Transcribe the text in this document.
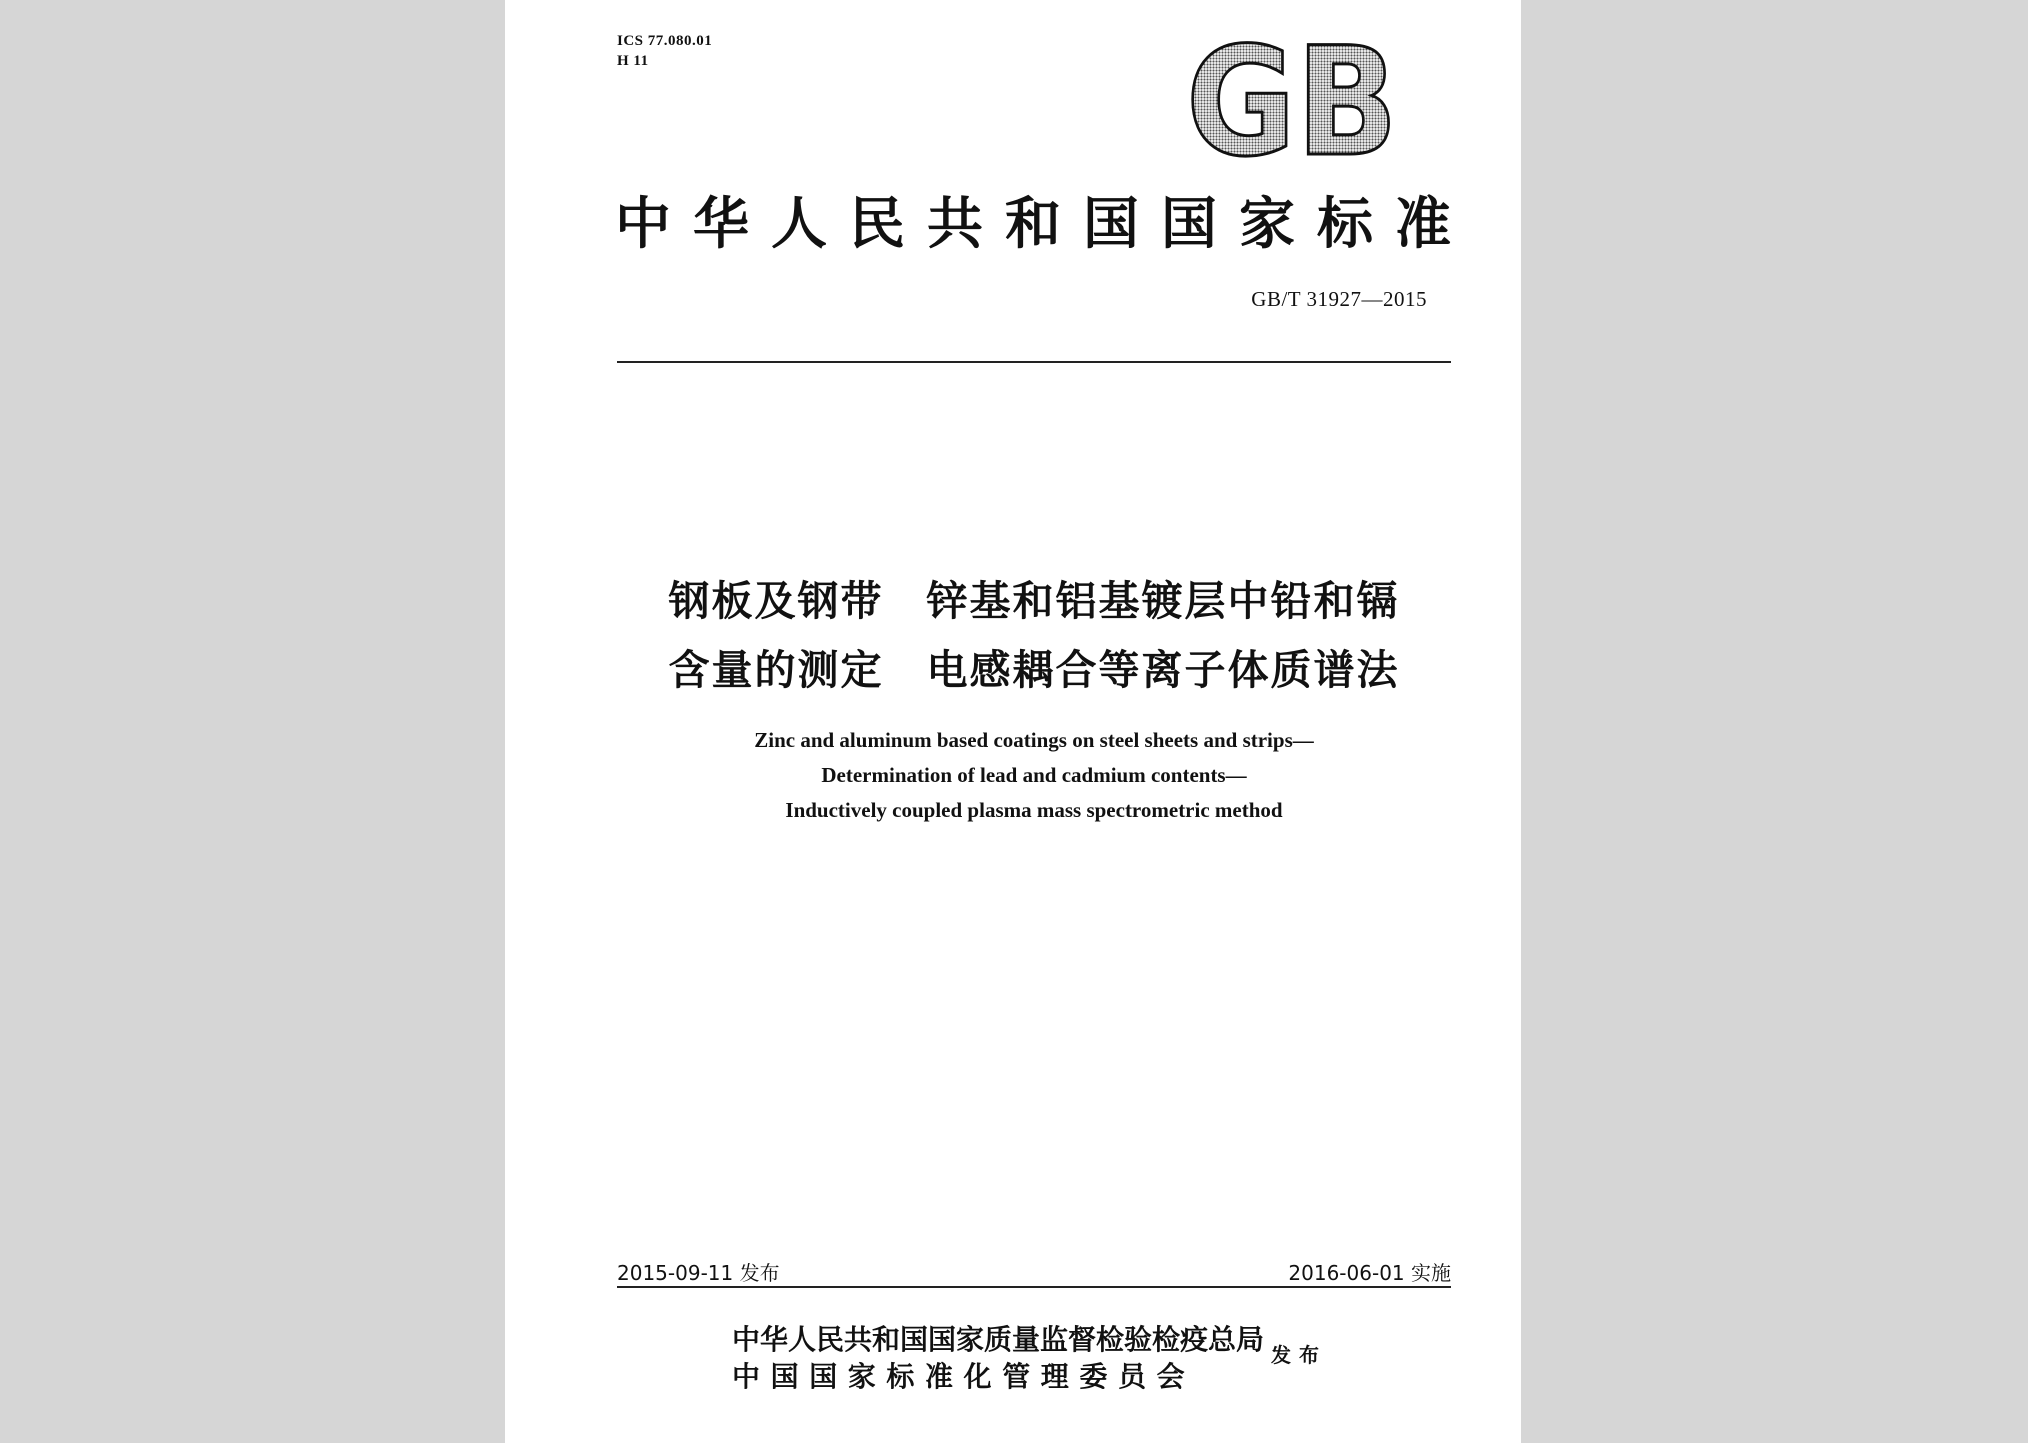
ICS 77.080.01
H 11	GB
中华人民共和国国家标准
GB/T 31927—2015
钢板及钢带　锌基和铝基镀层中铅和镉
含量的测定　电感耦合等离子体质谱法
Zinc and aluminum based coatings on steel sheets and strips—
Determination of lead and cadmium contents—
Inductively coupled plasma mass spectrometric method
2015-09-11 发布	2016-06-01 实施
中华人民共和国国家质量监督检验检疫总局
中国国家标准化管理委员会
发布
